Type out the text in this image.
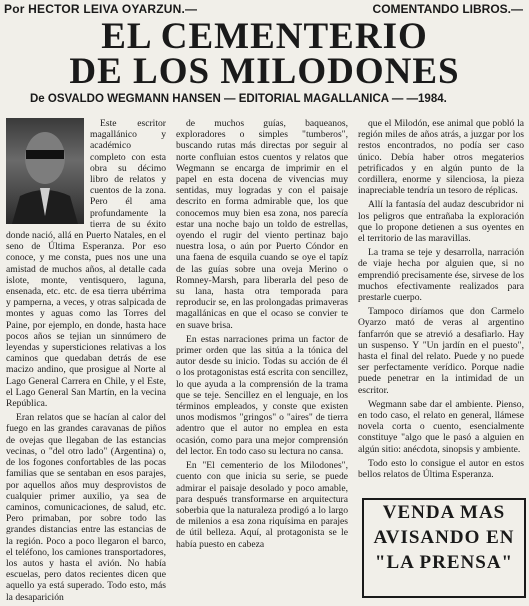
Por HECTOR LEIVA OYARZUN.—	COMENTANDO LIBROS.—
EL CEMENTERIO
DE LOS MILODONES
De OSVALDO WEGMANN HANSEN — EDITORIAL MAGALLANICA — —1984.

Este escritor magallánico y académico completo con esta obra su décimo libro de relatos y cuentos de la zona. Pero él ama profundamente la tierra de su éxito donde nació, allá en Puerto Natales, en el seno de Última Esperanza. Por eso conoce, y me consta, pues nos une una amistad de muchos años, al detalle cada islote, monte, ventisquero, laguna, ensenada, etc. etc. de esa tierra ubérrima y pamperna, a veces, y otras salpicada de montes y aguas como las Torres del Paine, por ejemplo, en donde, hasta hace pocos años se tejian un sinnúmero de leyendas y supersticiones relativas a los caminos que quedaban detrás de ese macizo andino, que prosigue al Norte al Lago General Carrera en Chile, y el Este, el Lago General San Martín, en la vecina República.

Eran relatos que se hacían al calor del fuego en las grandes caravanas de piños de ovejas que llegaban de las estancias vecinas, o "del otro lado" (Argentina) o, de los fogones confortables de las pocas familias que se sentaban en esos parajes, por aquellos años muy desprovistos de cualquier primer auxilio, ya sea de caminos, comunicaciones, de salud, etc. Pero primaban, por sobre todo las grandes distancias entre las estancias de la región. Poco a poco llegaron el barco, el teléfono, los camiones transportadores, los autos y hasta el avión. No había escuelas, pero datos recientes dicen que aquello ya está superado. Todo esto, más la desaparición

de muchos guías, baqueanos, exploradores o simples "tumberos", buscando rutas más directas por seguir al norte confluian estos cuentos y relatos que Wegmann se encarga de imprimir en el papel en esta docena de vivencias muy sentidas, muy logradas y con el paisaje descrito en forma admirable que, los que conocemos muy bien esa zona, nos parecía estar una noche bajo un toldo de estrellas, oyendo el rugir del viento pertinaz bajo nuestra losa, o aún por Puerto Cóndor en una faena de esquila cuando se oye el tapíz de las guías sobre una oveja Merino o Romney-Marsh, para liberarla del peso de su lana, hasta otra temporada para reproducir se, en las prolongadas primaveras magallánicas en que el ocaso se convier te en suave brisa.

En estas narraciones prima un factor de primer orden que las sitúa a la tónica del autor desde su inicio. Todas su acción de él o los protagonistas está escrita con sencillez, lo que ayuda a la comprensión de la trama que se teje. Sencillez en el lenguaje, en los términos empleados, y conste que existen unos modismos "gringos" o "aires" de tierra adentro que el autor no emplea en esta ocasión, como para una mejor comprensión del lector. En todo caso su lectura no cansa.

En "El cementerio de los Milodones", cuento con que inicia su serie, se puede admirar el paisaje desolado y poco amable, para después transformarse en arquitectura soberbia que la naturaleza prodigó a lo largo de milenios a esa zona riquísima en parajes de útil belleza. Aquí, al protagonista se le había puesto en cabeza

que el Milodón, ese animal que pobló la región miles de años atrás, a juzgar por los restos encontrados, no podía ser caso único. Debía haber otros megaterios petrificados y en algún punto de la cordillera, enorme y silenciosa, la pieza inapreciable tendría un tesoro de réplicas.

Allí la fantasía del audaz descubridor ni los peligros que entrañaba la exploración que lo propone detienen a sus oyentes en el territorio de las maravillas.

La trama se teje y desarrolla, narración de viaje hecha por alguien que, si no emprendió precisamente ése, sirvese de los muchos efectivamente realizados para prestarle cuerpo.

Tampoco diríamos que don Carmelo Oyarzo mató de veras al argentino fanfarrón que se atrevió a desafiarlo. Hay un suspenso. Y "Un jardín en el puesto", hasta el final del relato. Puede y no puede ser perfectamente verídico. Porque nadie puede penetrar en la intimidad de un escritor.

Wegmann sabe dar el ambiente. Pienso, en todo caso, el relato en general, llámese novela corta o cuento, esencialmente constituye "algo que le pasó a alguien en algún sitio: anécdota, sinopsis y ambiente.

Todo esto lo consigue el autor en estos bellos relatos de Última Esperanza.

VENDA MAS
AVISANDO EN
"LA PRENSA"
